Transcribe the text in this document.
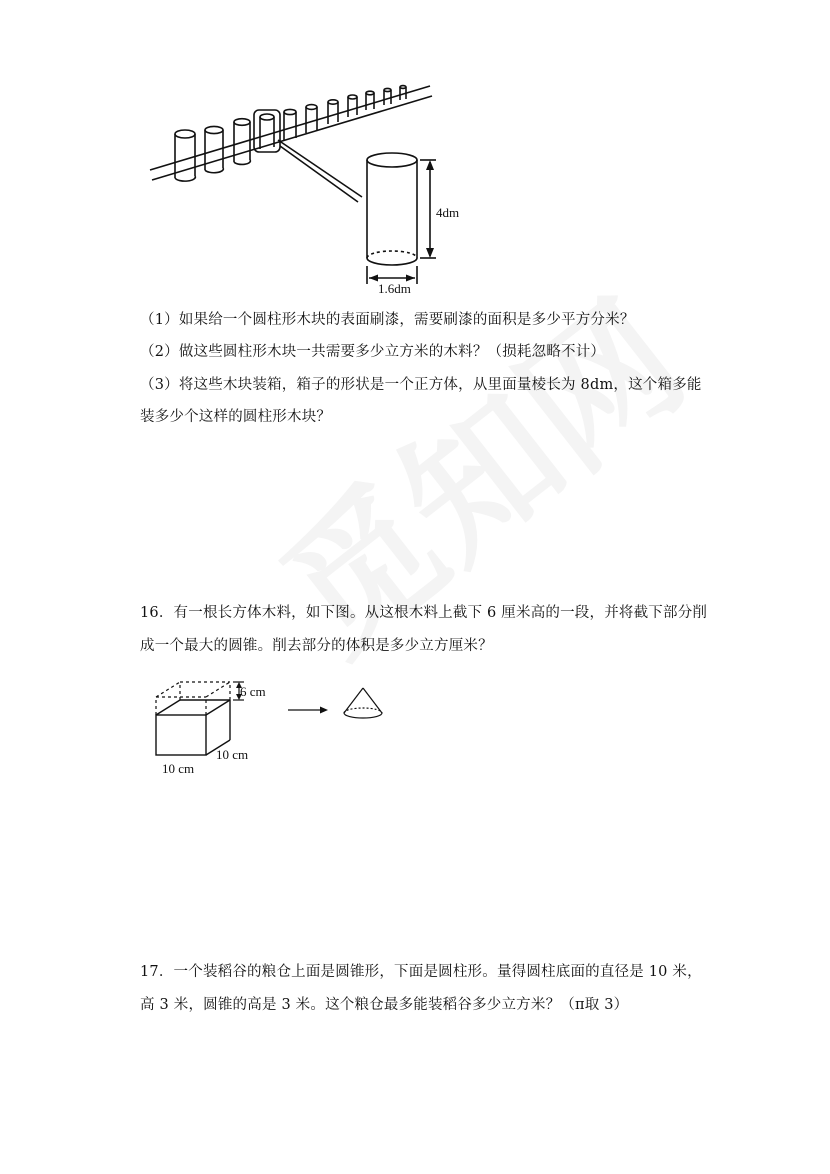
4dm
1.6dm
（1）如果给一个圆柱形木块的表面刷漆，需要刷漆的面积是多少平方分米？
（2）做这些圆柱形木块一共需要多少立方米的木料？（损耗忽略不计）
（3）将这些木块装箱，箱子的形状是一个正方体，从里面量棱长为 8dm，这个箱多能
装多少个这样的圆柱形木块？
16．有一根长方体木料，如下图。从这根木料上截下 6 厘米高的一段，并将截下部分削
成一个最大的圆锥。削去部分的体积是多少立方厘米？
6 cm
10 cm
10 cm
17．一个装稻谷的粮仓上面是圆锥形，下面是圆柱形。量得圆柱底面的直径是 10 米，
高 3 米，圆锥的高是 3 米。这个粮仓最多能装稻谷多少立方米？（π取 3）
